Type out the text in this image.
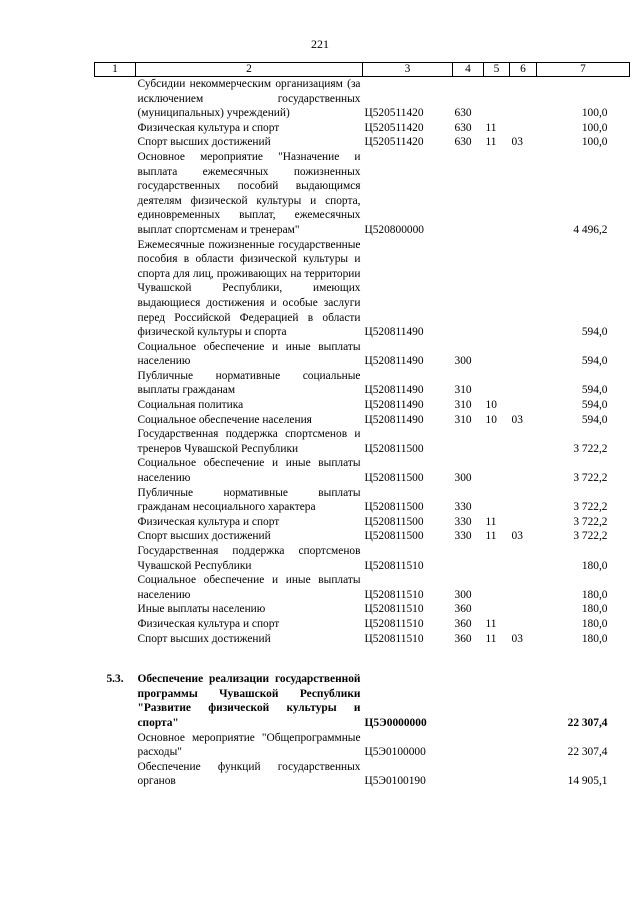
221
1	2	3	4	5	6	7
	Субсидии некоммерческим организациям (за исключением государственных (муниципальных) учреждений)	Ц520511420	630			100,0
	Физическая культура и спорт	Ц520511420	630	11		100,0
	Спорт высших достижений	Ц520511420	630	11	03	100,0
	Основное мероприятие "Назначение и выплата ежемесячных пожизненных государственных пособий выдающимся деятелям физической культуры и спорта, единовременных выплат, ежемесячных выплат спортсменам и тренерам"	Ц520800000				4 496,2
	Ежемесячные пожизненные государственные пособия в области физической культуры и спорта для лиц, проживающих на территории Чувашской Республики, имеющих выдающиеся достижения и особые заслуги перед Российской Федерацией в области физической культуры и спорта	Ц520811490				594,0
	Социальное обеспечение и иные выплаты населению	Ц520811490	300			594,0
	Публичные нормативные социальные выплаты гражданам	Ц520811490	310			594,0
	Социальная политика	Ц520811490	310	10		594,0
	Социальное обеспечение населения	Ц520811490	310	10	03	594,0
	Государственная поддержка спортсменов и тренеров Чувашской Республики	Ц520811500				3 722,2
	Социальное обеспечение и иные выплаты населению	Ц520811500	300			3 722,2
	Публичные нормативные выплаты гражданам несоциального характера	Ц520811500	330			3 722,2
	Физическая культура и спорт	Ц520811500	330	11		3 722,2
	Спорт высших достижений	Ц520811500	330	11	03	3 722,2
	Государственная поддержка спортсменов Чувашской Республики	Ц520811510				180,0
	Социальное обеспечение и иные выплаты населению	Ц520811510	300			180,0
	Иные выплаты населению	Ц520811510	360			180,0
	Физическая культура и спорт	Ц520811510	360	11		180,0
	Спорт высших достижений	Ц520811510	360	11	03	180,0

5.3.	Обеспечение реализации государственной программы Чувашской Республики "Развитие физической культуры и спорта"	Ц5Э0000000				22 307,4
	Основное мероприятие "Общепрограммные расходы"	Ц5Э0100000				22 307,4
	Обеспечение функций государственных органов	Ц5Э0100190				14 905,1
